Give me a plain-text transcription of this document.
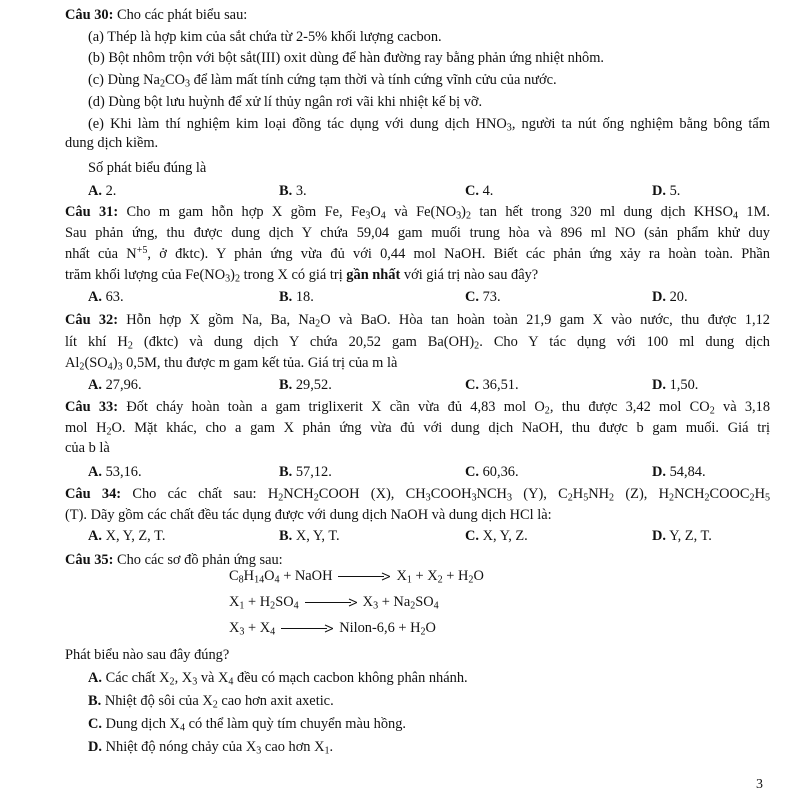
Câu 30: Cho các phát biểu sau:
(a) Thép là hợp kim của sắt chứa từ 2-5% khối lượng cacbon.
(b) Bột nhôm trộn với bột sắt(III) oxit dùng để hàn đường ray bằng phản ứng nhiệt nhôm.
(c) Dùng $Na_2CO_3$ để làm mất tính cứng tạm thời và tính cứng vĩnh cửu của nước.
(d) Dùng bột lưu huỳnh để xử lí thủy ngân rơi vãi khi nhiệt kế bị vỡ.
(e) Khi làm thí nghiệm kim loại đồng tác dụng với dung dịch $HNO_3$, người ta nút ống nghiệm bằng bông tẩm
dung dịch kiềm.
Số phát biểu đúng là
A. 2.	B. 3.	C. 4.	D. 5.
Câu 31: Cho m gam hỗn hợp X gồm Fe, $Fe_3O_4$ và $Fe(NO_3)_2$ tan hết trong 320 ml dung dịch $KHSO_4$ 1M.
Sau phản ứng, thu được dung dịch Y chứa 59,04 gam muối trung hòa và 896 ml NO (sản phẩm khử duy
nhất của $N^{+5}$, ở đktc). Y phản ứng vừa đủ với 0,44 mol NaOH. Biết các phản ứng xảy ra hoàn toàn. Phần
trăm khối lượng của $Fe(NO_3)_2$ trong X có giá trị gần nhất với giá trị nào sau đây?
A. 63.	B. 18.	C. 73.	D. 20.
Câu 32: Hỗn hợp X gồm Na, Ba, $Na_2O$ và BaO. Hòa tan hoàn toàn 21,9 gam X vào nước, thu được 1,12
lít khí $H_2$ (đktc) và dung dịch Y chứa 20,52 gam $Ba(OH)_2$. Cho Y tác dụng với 100 ml dung dịch
$Al_2(SO_4)_3$ 0,5M, thu được m gam kết tủa. Giá trị của m là
A. 27,96.	B. 29,52.	C. 36,51.	D. 1,50.
Câu 33: Đốt cháy hoàn toàn a gam triglixerit X cần vừa đủ 4,83 mol $O_2$, thu được 3,42 mol $CO_2$ và 3,18
mol $H_2O$. Mặt khác, cho a gam X phản ứng vừa đủ với dung dịch NaOH, thu được b gam muối. Giá trị
của b là
A. 53,16.	B. 57,12.	C. 60,36.	D. 54,84.
Câu 34: Cho các chất sau: $H_2NCH_2COOH$ (X), $CH_3COOH_3NCH_3$ (Y), $C_2H_5NH_2$ (Z), $H_2NCH_2COOC_2H_5$
(T). Dãy gồm các chất đều tác dụng được với dung dịch NaOH và dung dịch HCl là:
A. X, Y, Z, T.	B. X, Y, T.	C. X, Y, Z.	D. Y, Z, T.
Câu 35: Cho các sơ đồ phản ứng sau:
$C_8H_{14}O_4$ + NaOH → $X_1 + X_2 + H_2O$
$X_1 + H_2SO_4 \to X_3 + Na_2SO_4$
$X_3 + X_4$ → Nilon-6,6 + $H_2O$
Phát biểu nào sau đây đúng?
A. Các chất $X_2$, $X_3$ và $X_4$ đều có mạch cacbon không phân nhánh.
B. Nhiệt độ sôi của $X_2$ cao hơn axit axetic.
C. Dung dịch $X_4$ có thể làm quỳ tím chuyển màu hồng.
D. Nhiệt độ nóng chảy của $X_3$ cao hơn $X_1$.
3
